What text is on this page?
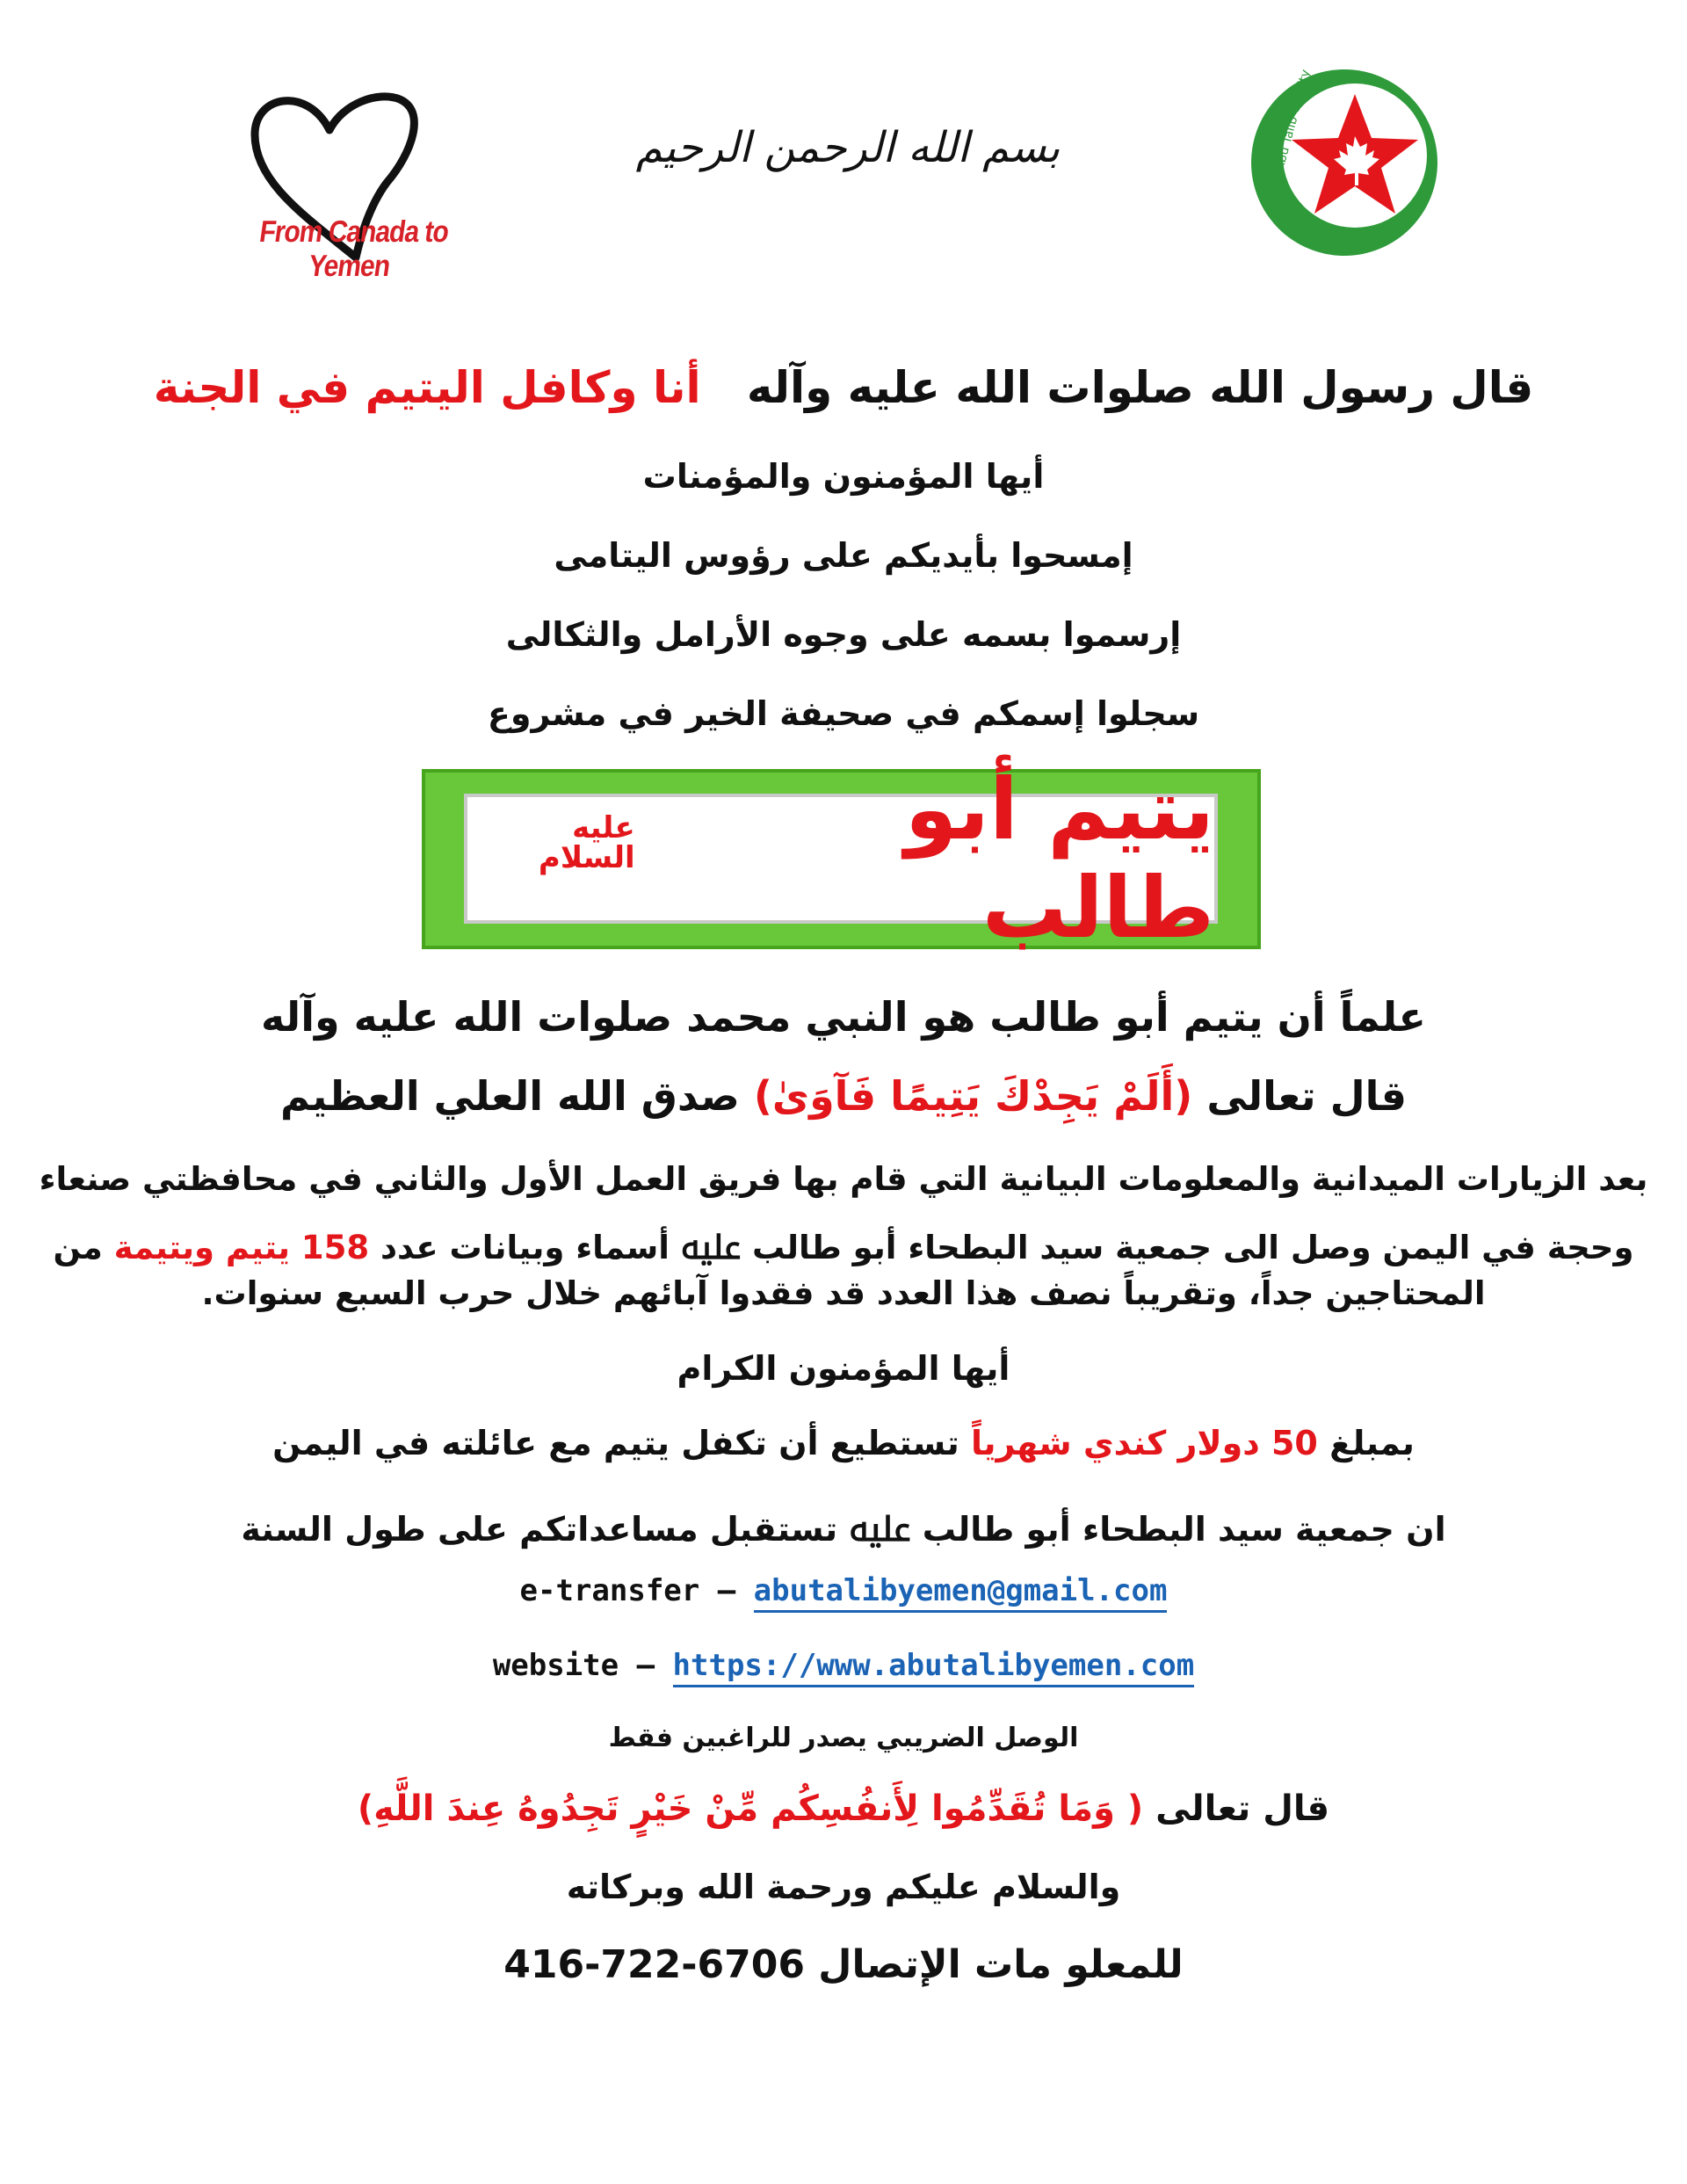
From Canada to Yemen
بسم الله الرحمن الرحيم	Abu Talib Charity
قال رسول الله صلوات الله عليه وآله   أنا وكافل اليتيم في الجنة
أيها المؤمنون والمؤمنات
إمسحوا بأيديكم على رؤوس اليتامى
إرسموا بسمه على وجوه الأرامل والثكالى
سجلوا إسمكم في صحيفة الخير في مشروع
يتيم أبو طالب
عليه السلام
علماً أن يتيم أبو طالب هو النبي محمد صلوات الله عليه وآله
قال تعالى (أَلَمْ يَجِدْكَ يَتِيمًا فَآوَىٰ) صدق الله العلي العظيم
بعد الزيارات الميدانية والمعلومات البيانية التي قام بها فريق العمل الأول والثاني في محافظتي صنعاء
وحجة في اليمن وصل الى جمعية سيد البطحاء أبو طالب ﷷ أسماء وبيانات عدد 158 يتيم ويتيمة من
المحتاجين جداً، وتقريباً نصف هذا العدد قد فقدوا آبائهم خلال حرب السبع سنوات.
أيها المؤمنون الكرام
بمبلغ 50 دولار كندي شهرياً تستطيع أن تكفل يتيم مع عائلته في اليمن
ان جمعية سيد البطحاء أبو طالب ﷷ تستقبل مساعداتكم على طول السنة
e-transfer – abutalibyemen@gmail.com
website – https://www.abutalibyemen.com
الوصل الضريبي يصدر للراغبين فقط
قال تعالى ( وَمَا تُقَدِّمُوا لِأَنفُسِكُم مِّنْ خَيْرٍ تَجِدُوهُ عِندَ اللَّهِ)
والسلام عليكم ورحمة الله وبركاته
للمعلو مات الإتصال 416-722-6706
